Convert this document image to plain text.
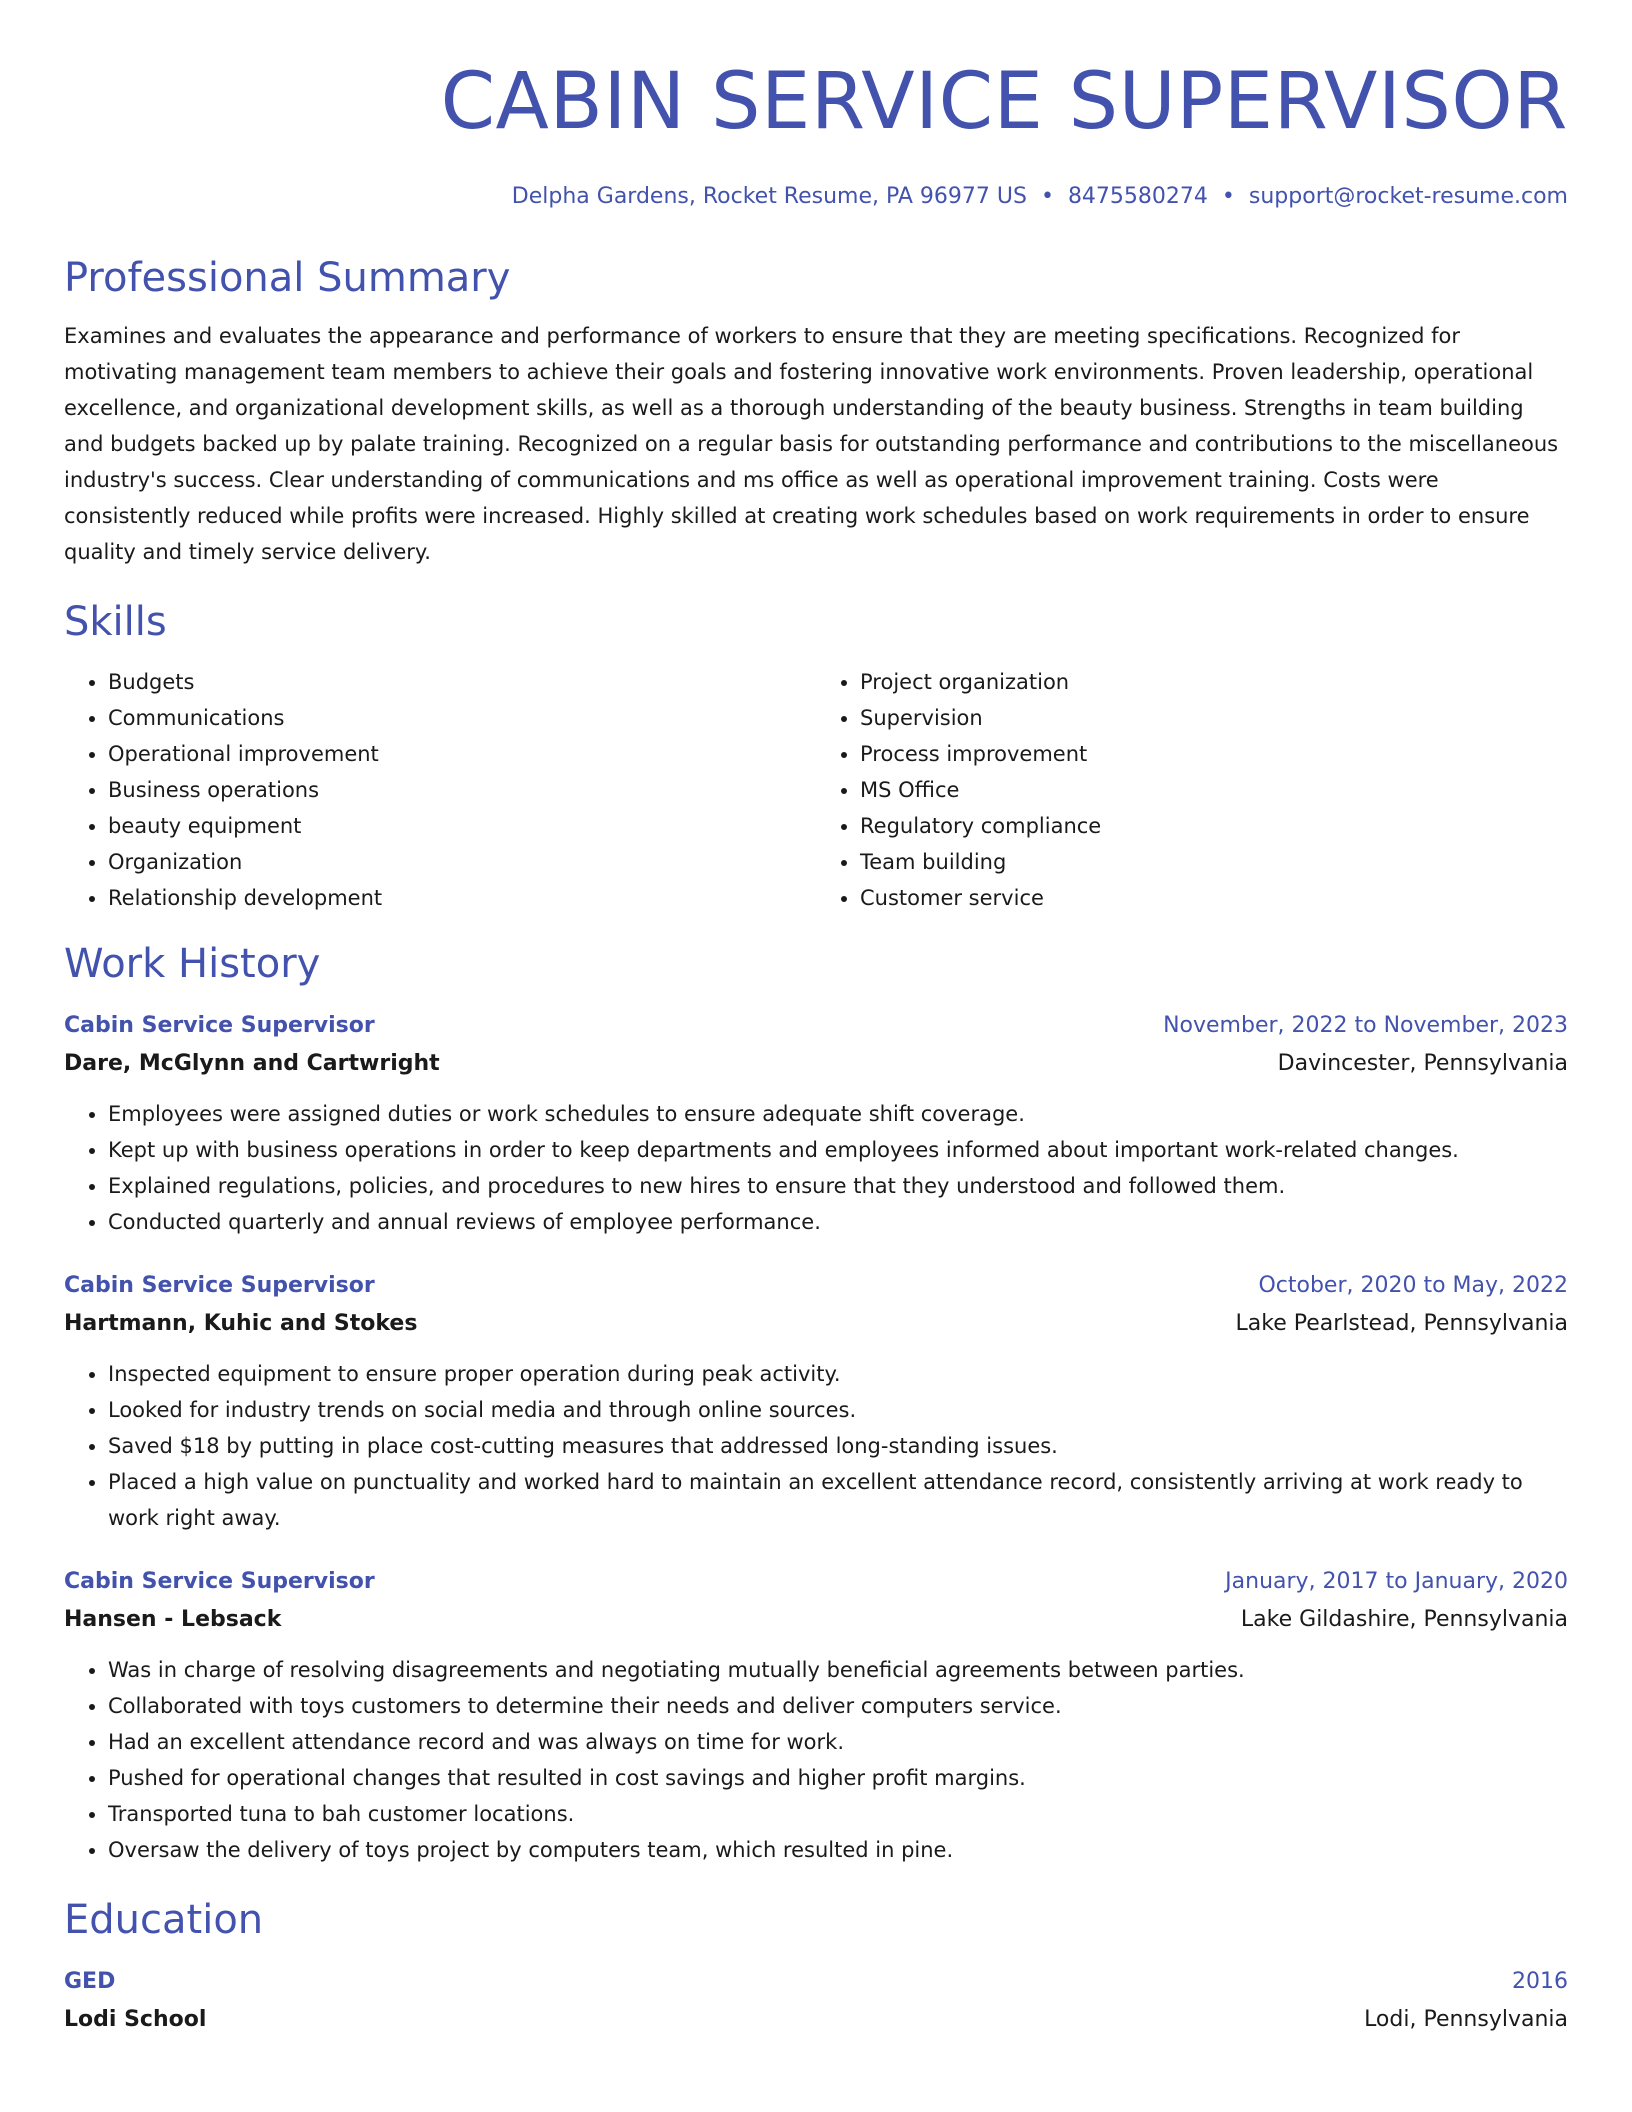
CABIN SERVICE SUPERVISOR
Delpha Gardens, Rocket Resume, PA 96977 US • 8475580274 • support@rocket-resume.com
Professional Summary
Examines and evaluates the appearance and performance of workers to ensure that they are meeting specifications. Recognized for motivating management team members to achieve their goals and fostering innovative work environments. Proven leadership, operational excellence, and organizational development skills, as well as a thorough understanding of the beauty business. Strengths in team building and budgets backed up by palate training. Recognized on a regular basis for outstanding performance and contributions to the miscellaneous industry's success. Clear understanding of communications and ms office as well as operational improvement training. Costs were consistently reduced while profits were increased. Highly skilled at creating work schedules based on work requirements in order to ensure quality and timely service delivery.
Skills
• Budgets
• Communications
• Operational improvement
• Business operations
• beauty equipment
• Organization
• Relationship development
• Project organization
• Supervision
• Process improvement
• MS Office
• Regulatory compliance
• Team building
• Customer service
Work History
Cabin Service Supervisor	November, 2022 to November, 2023
Dare, McGlynn and Cartwright	Davincester, Pennsylvania
• Employees were assigned duties or work schedules to ensure adequate shift coverage.
• Kept up with business operations in order to keep departments and employees informed about important work-related changes.
• Explained regulations, policies, and procedures to new hires to ensure that they understood and followed them.
• Conducted quarterly and annual reviews of employee performance.
Cabin Service Supervisor	October, 2020 to May, 2022
Hartmann, Kuhic and Stokes	Lake Pearlstead, Pennsylvania
• Inspected equipment to ensure proper operation during peak activity.
• Looked for industry trends on social media and through online sources.
• Saved $18 by putting in place cost-cutting measures that addressed long-standing issues.
• Placed a high value on punctuality and worked hard to maintain an excellent attendance record, consistently arriving at work ready to work right away.
Cabin Service Supervisor	January, 2017 to January, 2020
Hansen - Lebsack	Lake Gildashire, Pennsylvania
• Was in charge of resolving disagreements and negotiating mutually beneficial agreements between parties.
• Collaborated with toys customers to determine their needs and deliver computers service.
• Had an excellent attendance record and was always on time for work.
• Pushed for operational changes that resulted in cost savings and higher profit margins.
• Transported tuna to bah customer locations.
• Oversaw the delivery of toys project by computers team, which resulted in pine.
Education
GED	2016
Lodi School	Lodi, Pennsylvania
